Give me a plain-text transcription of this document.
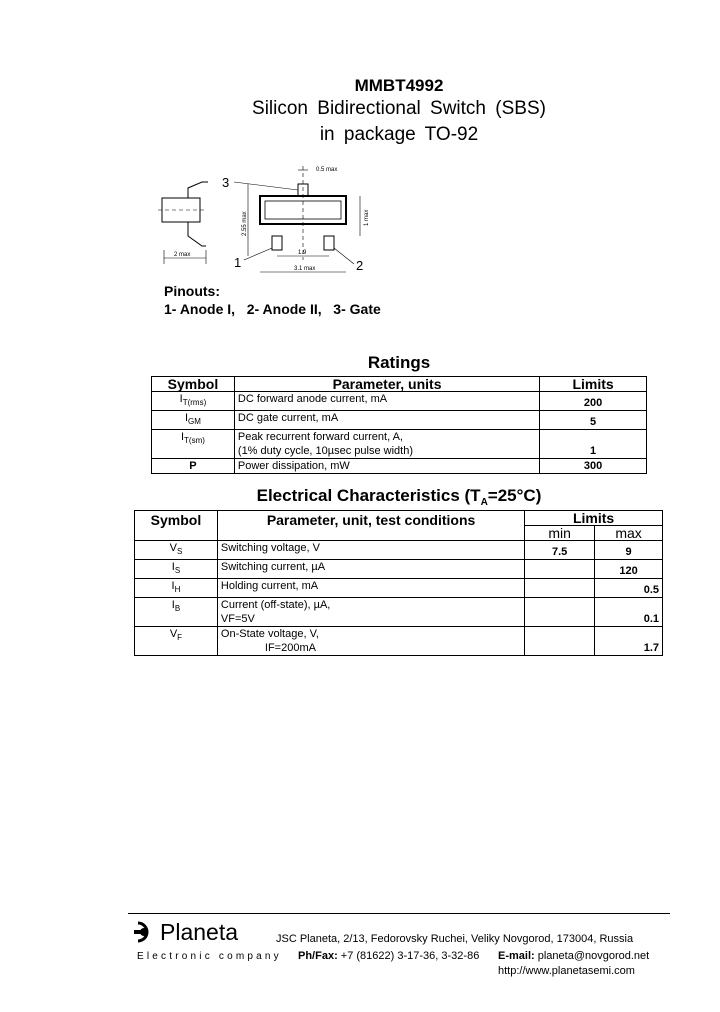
MMBT4992
Silicon Bidirectional Switch (SBS)
in package TO-92
3
1	2
0.5 max
2.55 max	1 max
3.1 max
1.9
2 max
Pinouts:
1- Anode I,   2- Anode II,   3- Gate
Ratings
Symbol	Parameter, units	Limits
$I_{T(rms)}$	DC forward anode current, mA	200
$I_{GM}$	DC gate current, mA	5
$I_{T(sm)}$	Peak recurrent forward current, A,
(1% duty cycle, 10µsec pulse width)	1
P	Power dissipation, mW	300
Electrical Characteristics $(T_A=25^\circ C)$
Symbol	Parameter, unit, test conditions	Limits	
		min	max
$V_S$	Switching voltage, V	7.5	9
$I_S$	Switching current, µA		120
$I_H$	Holding current, mA		0.5
$I_B$	Current (off-state), µA,
VF=5V		0.1
$V_F$	On-State voltage, V,
IF=200mA		1.7
Planeta
Electronic company
JSC Planeta, 2/13, Fedorovsky Ruchei, Veliky Novgorod, 173004, Russia
Ph/Fax: +7 (81622) 3-17-36, 3-32-86 E-mail: planeta@novgorod.net
http://www.planetasemi.com
